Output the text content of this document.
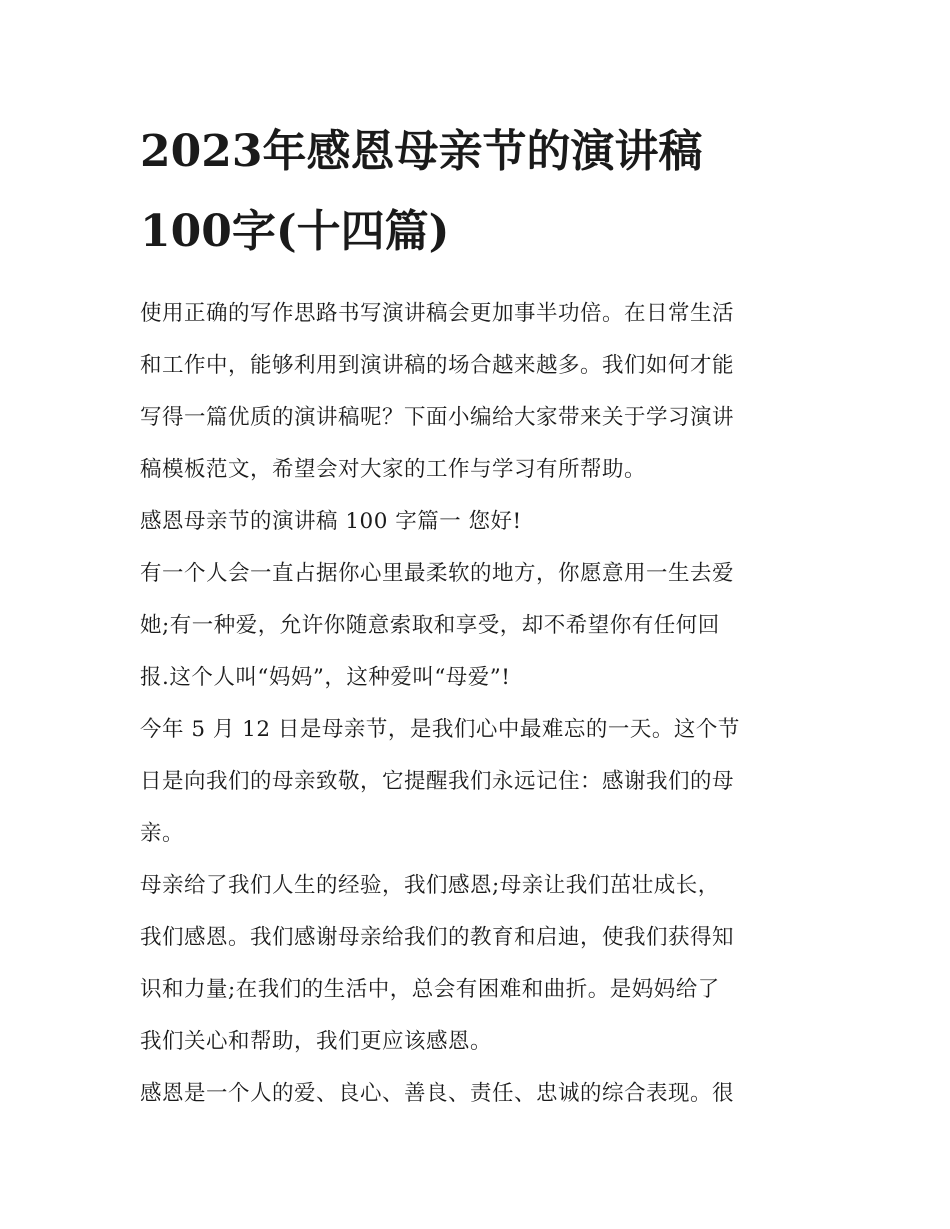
2023年感恩母亲节的演讲稿
100字(十四篇)

使用正确的写作思路书写演讲稿会更加事半功倍。在日常生活
和工作中，能够利用到演讲稿的场合越来越多。我们如何才能
写得一篇优质的演讲稿呢？下面小编给大家带来关于学习演讲
稿模板范文，希望会对大家的工作与学习有所帮助。

感恩母亲节的演讲稿 100 字篇一 您好!

有一个人会一直占据你心里最柔软的地方，你愿意用一生去爱
她;有一种爱，允许你随意索取和享受，却不希望你有任何回
报.这个人叫“妈妈”，这种爱叫“母爱”!

今年 5 月 12 日是母亲节，是我们心中最难忘的一天。这个节
日是向我们的母亲致敬，它提醒我们永远记住：感谢我们的母
亲。

母亲给了我们人生的经验，我们感恩;母亲让我们茁壮成长，
我们感恩。我们感谢母亲给我们的教育和启迪，使我们获得知
识和力量;在我们的生活中，总会有困难和曲折。是妈妈给了
我们关心和帮助，我们更应该感恩。

感恩是一个人的爱、良心、善良、责任、忠诚的综合表现。很
